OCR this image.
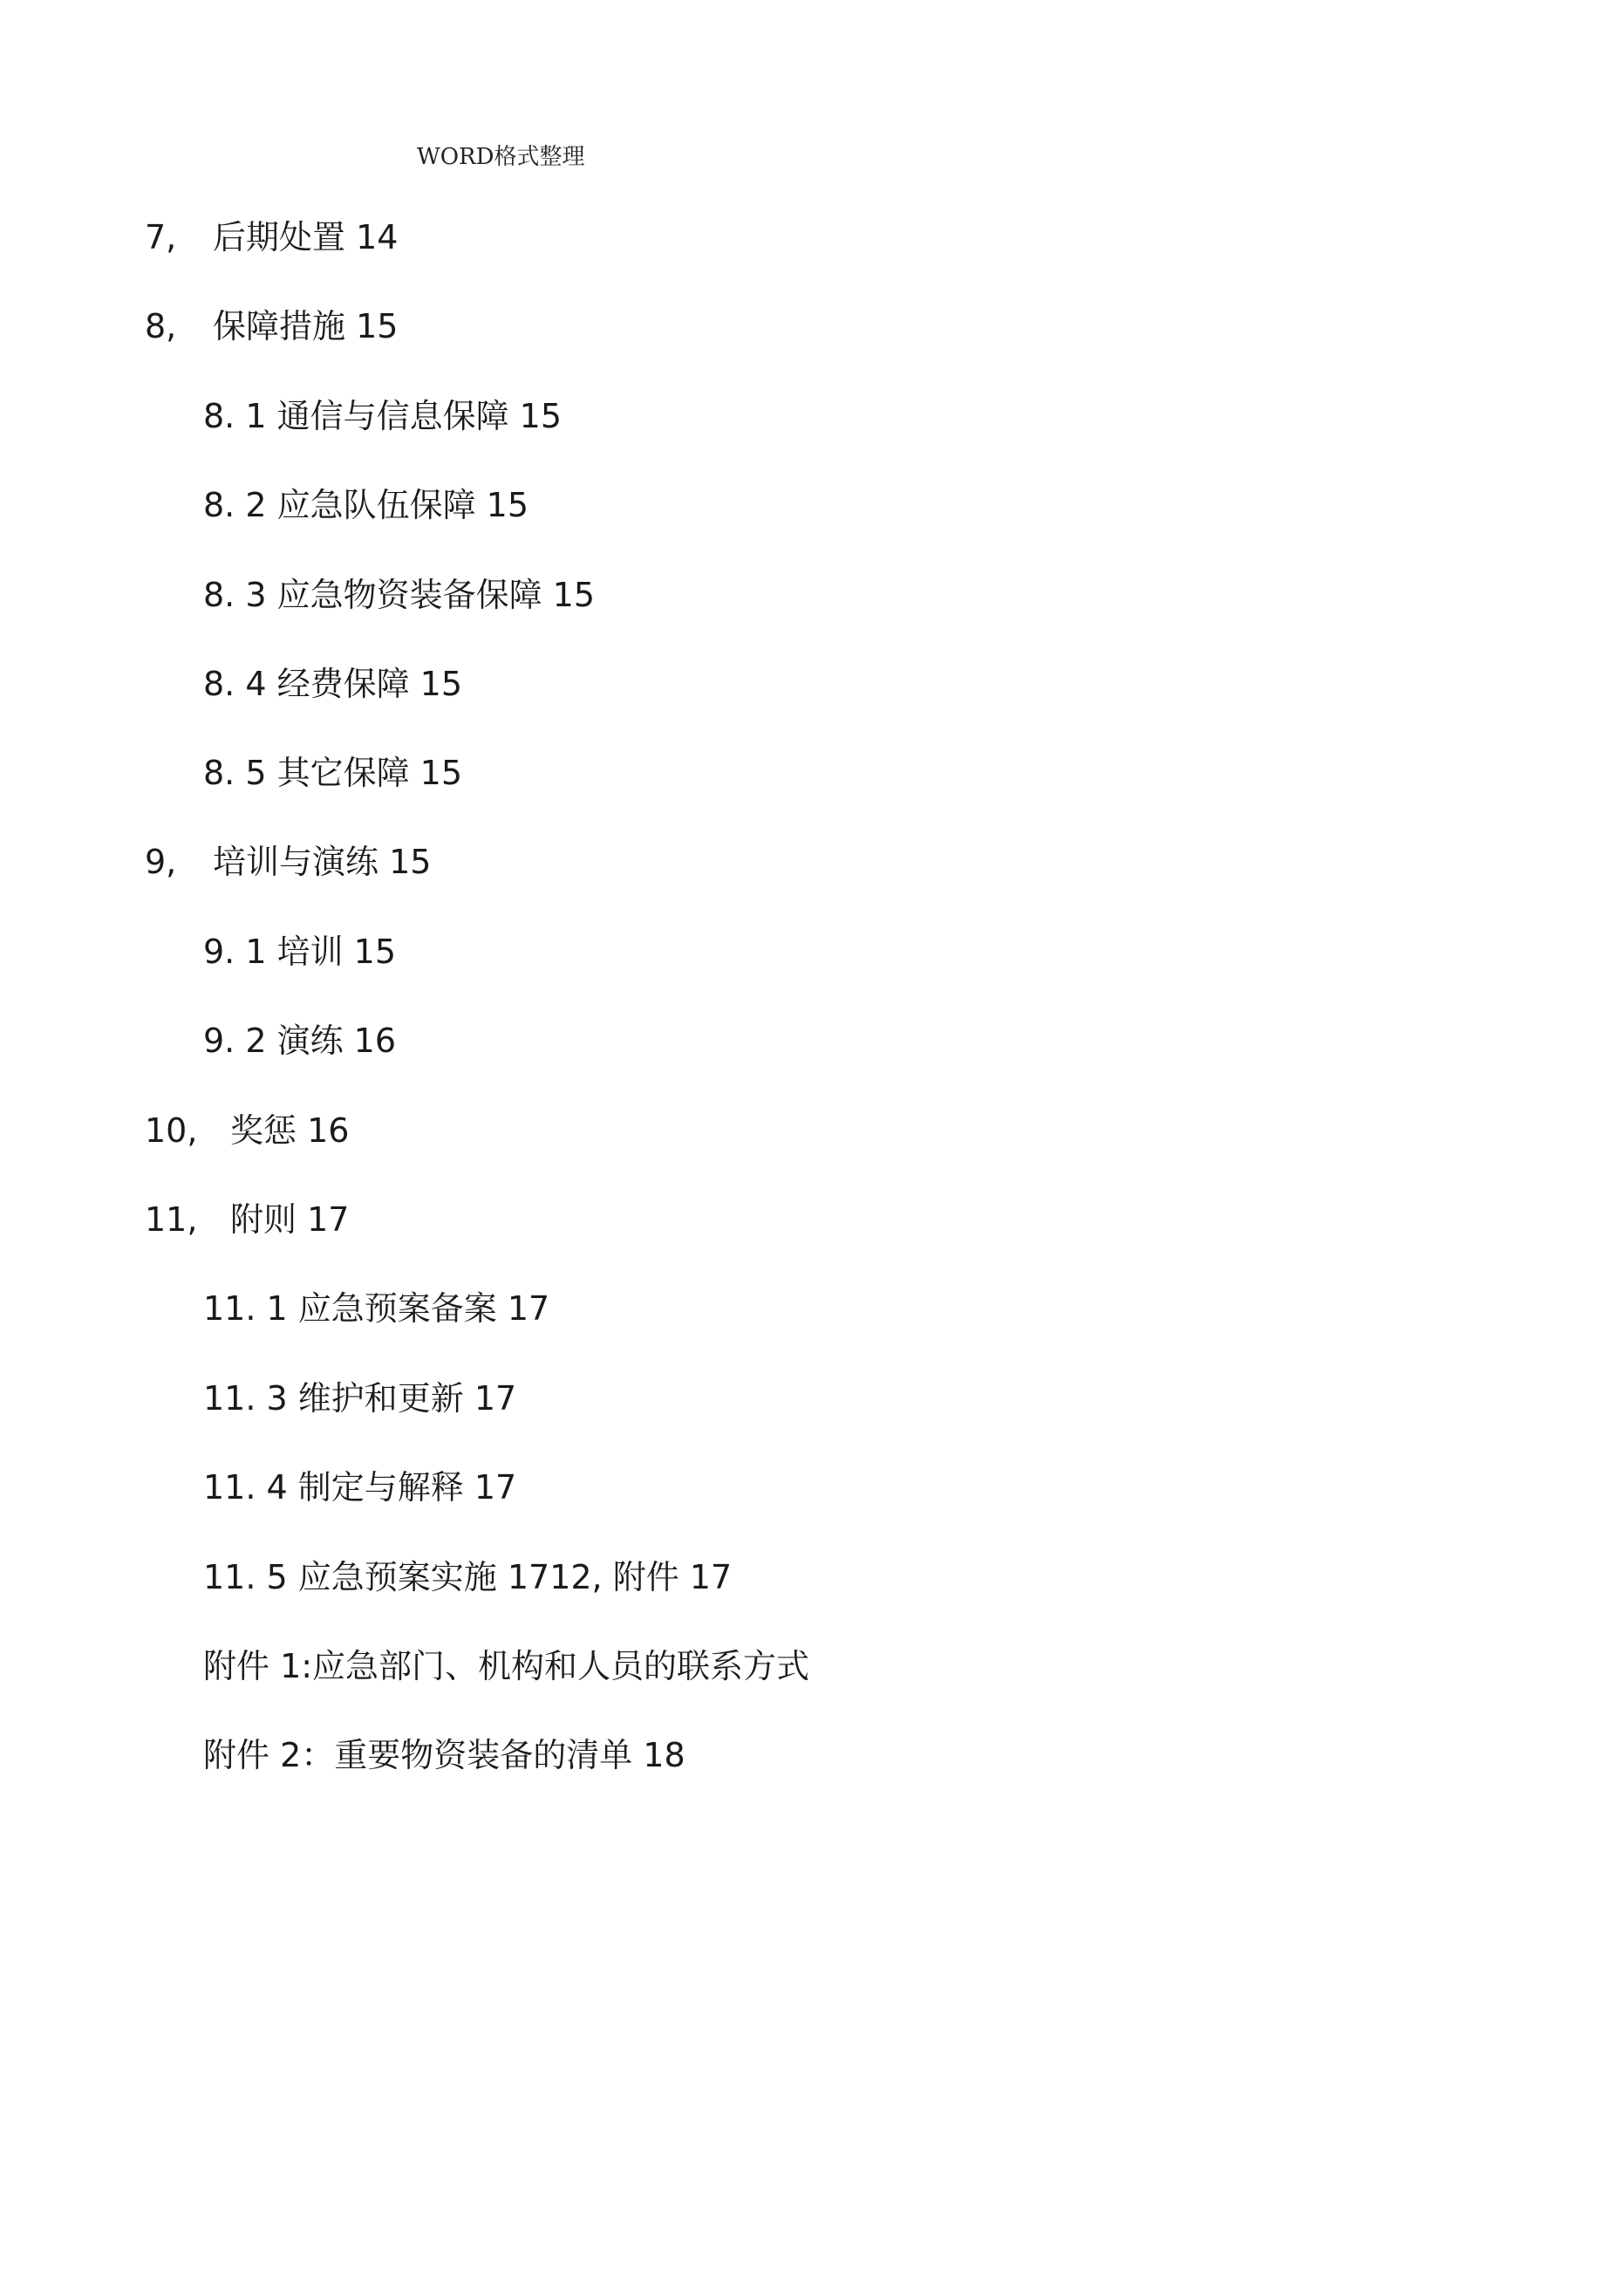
WORD格式整理
7, 后期处置 14
8, 保障措施 15
8. 1 通信与信息保障 15
8. 2 应急队伍保障 15
8. 3 应急物资装备保障 15
8. 4 经费保障 15
8. 5 其它保障 15
9, 培训与演练 15
9. 1 培训 15
9. 2 演练 16
10, 奖惩 16
11, 附则 17
11. 1 应急预案备案 17
11. 3 维护和更新 17
11. 4 制定与解释 17
11. 5 应急预案实施 1712, 附件 17
附件 1:应急部门、机构和人员的联系方式
附件 2：重要物资装备的清单 18
